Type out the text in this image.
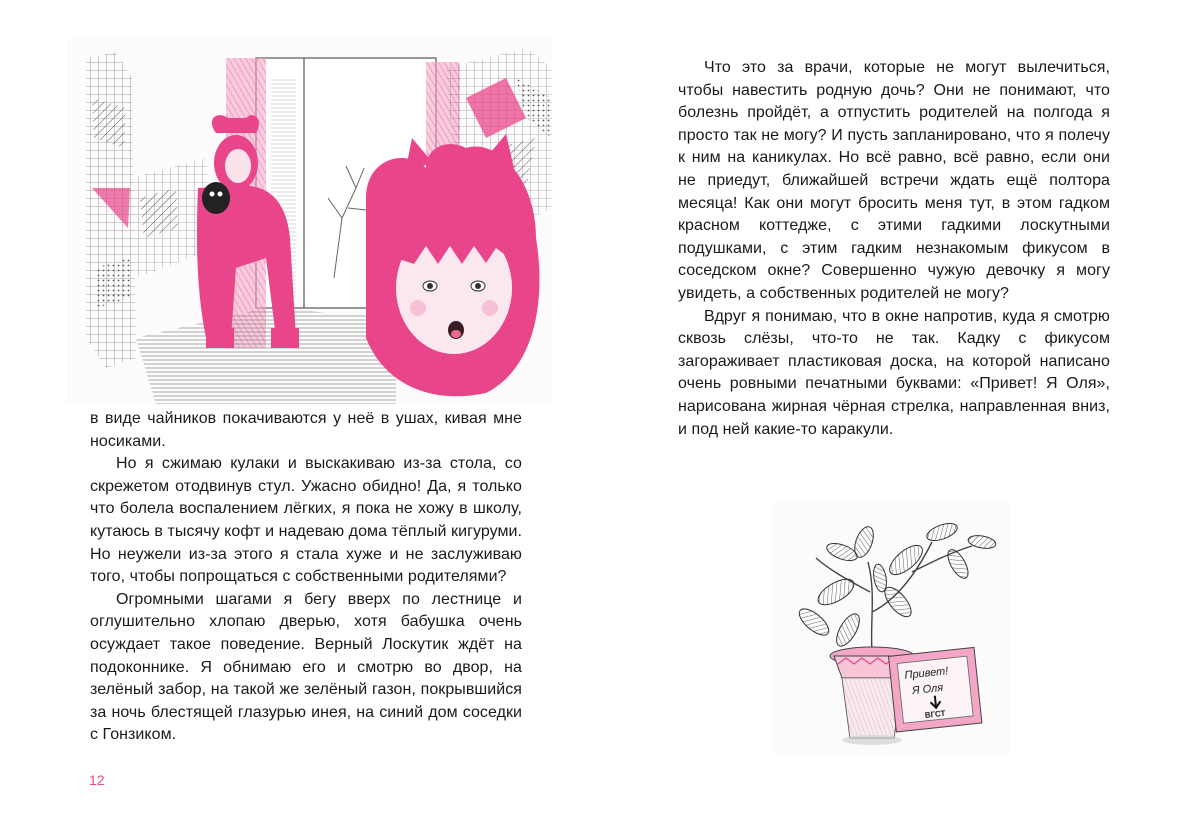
в виде чайников покачиваются у неё в ушах, кивая мне носиками.

Но я сжимаю кулаки и выскакиваю из-за стола, со скрежетом отодвинув стул. Ужасно обидно! Да, я только что болела воспалением лёгких, я пока не хожу в школу, кутаюсь в тысячу кофт и надеваю дома тёплый кигуруми. Но неужели из-за этого я стала хуже и не заслуживаю того, чтобы попрощаться с собственными родителями?

Огромными шагами я бегу вверх по лестнице и оглушительно хлопаю дверью, хотя бабушка очень осуждает такое поведение. Верный Лоскутик ждёт на подоконнике. Я обнимаю его и смотрю во двор, на зелёный забор, на такой же зелёный газон, покрывшийся за ночь блестящей глазурью инея, на синий дом соседки с Гонзиком.

12

Что это за врачи, которые не могут вылечиться, чтобы навестить родную дочь? Они не понимают, что болезнь пройдёт, а отпустить родителей на полгода я просто так не могу? И пусть запланировано, что я полечу к ним на каникулах. Но всё равно, всё равно, если они не приедут, ближайшей встречи ждать ещё полтора месяца! Как они могут бросить меня тут, в этом гадком красном коттедже, с этими гадкими лоскутными подушками, с этим гадким незнакомым фикусом в соседском окне? Совершенно чужую девочку я могу увидеть, а собственных родителей не могу?

Вдруг я понимаю, что в окне напротив, куда я смотрю сквозь слёзы, что-то не так. Кадку с фикусом загораживает пластиковая доска, на которой написано очень ровными печатными буквами: «Привет! Я Оля», нарисована жирная чёрная стрелка, направленная вниз, и под ней какие-то каракули.

Привет!
Я Оля
ВГСТ
